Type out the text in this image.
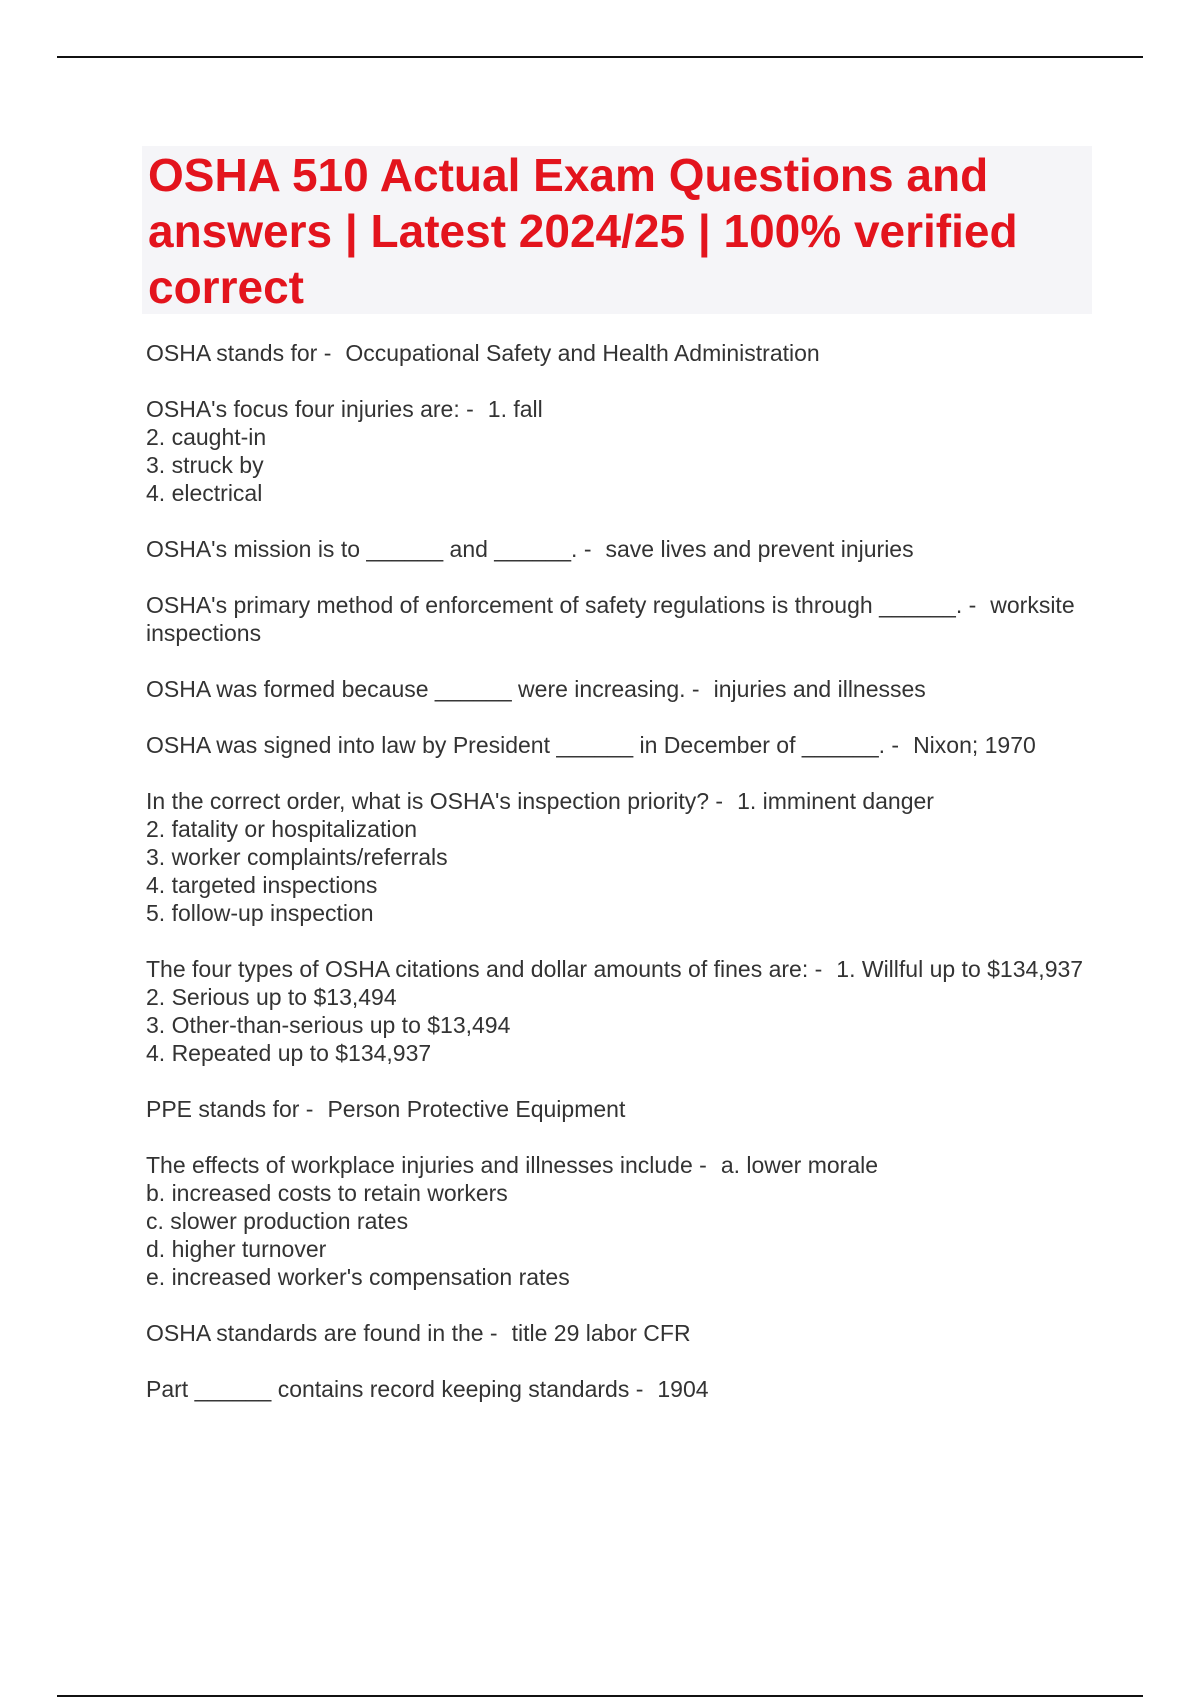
OSHA 510 Actual Exam Questions and answers | Latest 2024/25 | 100% verified correct

OSHA stands for - Occupational Safety and Health Administration

OSHA's focus four injuries are: - 1. fall
2. caught-in
3. struck by
4. electrical

OSHA's mission is to ______ and ______. - save lives and prevent injuries

OSHA's primary method of enforcement of safety regulations is through ______. - worksite inspections

OSHA was formed because ______ were increasing. - injuries and illnesses

OSHA was signed into law by President ______ in December of ______. - Nixon; 1970

In the correct order, what is OSHA's inspection priority? - 1. imminent danger
2. fatality or hospitalization
3. worker complaints/referrals
4. targeted inspections
5. follow-up inspection

The four types of OSHA citations and dollar amounts of fines are: - 1. Willful up to $134,937
2. Serious up to $13,494
3. Other-than-serious up to $13,494
4. Repeated up to $134,937

PPE stands for - Person Protective Equipment

The effects of workplace injuries and illnesses include - a. lower morale
b. increased costs to retain workers
c. slower production rates
d. higher turnover
e. increased worker's compensation rates

OSHA standards are found in the - title 29 labor CFR

Part ______ contains record keeping standards - 1904
